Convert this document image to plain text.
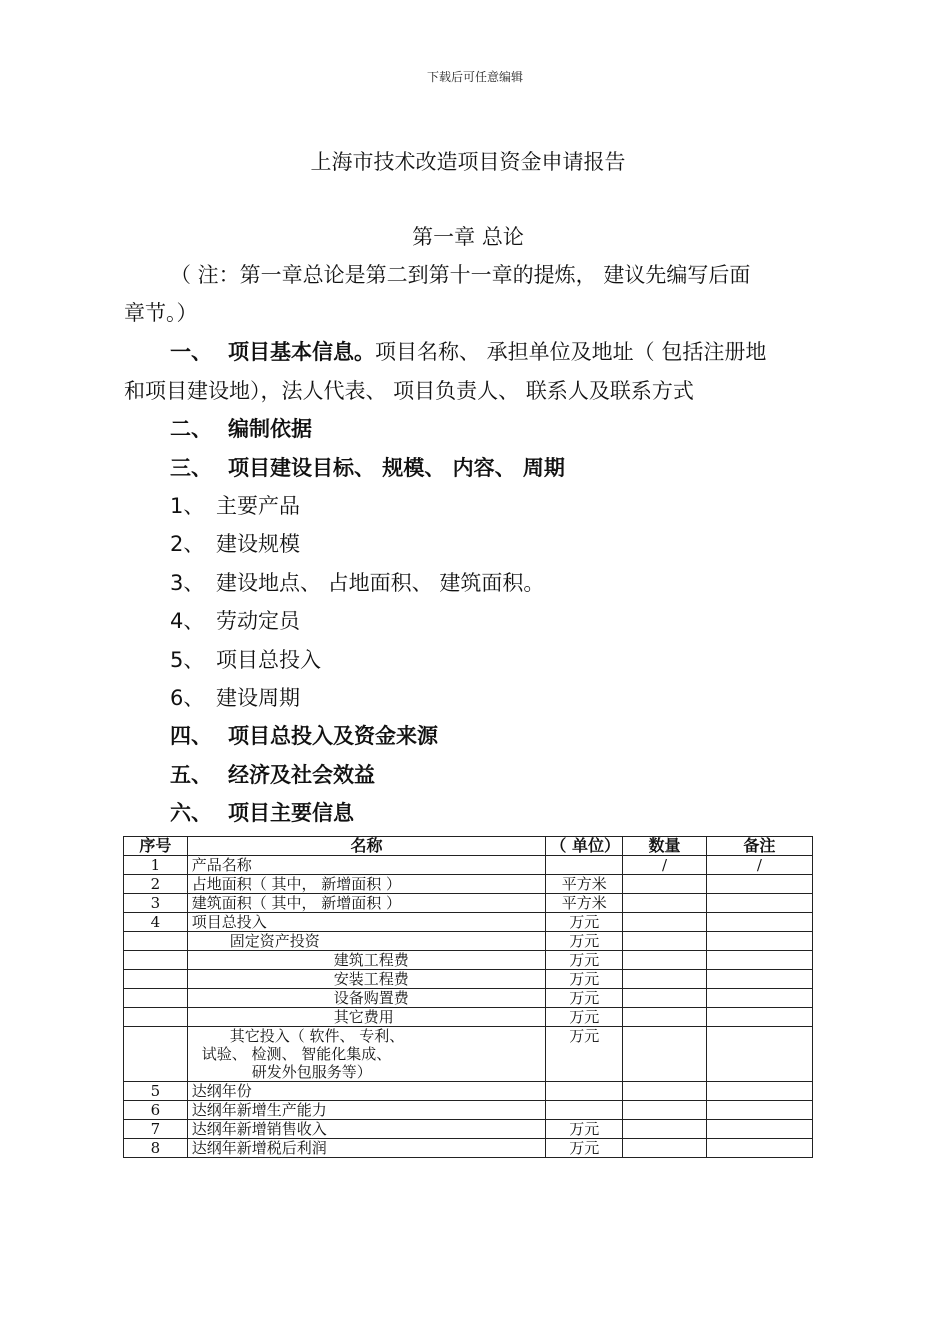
下载后可任意编辑
上海市技术改造项目资金申请报告
第一章 总论
（ 注：第一章总论是第二到第十一章的提炼， 建议先编写后面
章节。）
一、 项目基本信息。项目名称、 承担单位及地址（ 包括注册地
和项目建设地），法人代表、 项目负责人、 联系人及联系方式
二、 编制依据
三、 项目建设目标、 规模、 内容、 周期
1、 主要产品
2、 建设规模
3、 建设地点、 占地面积、 建筑面积。
4、 劳动定员
5、 项目总投入
6、 建设周期
四、 项目总投入及资金来源
五、 经济及社会效益
六、 项目主要信息
序号	名称	（ 单位）	数量	备注
1	产品名称		/	/
2	占地面积（ 其中， 新增面积 ）	平方米		
3	建筑面积（ 其中， 新增面积 ）	平方米		
4	项目总投入	万元		
	固定资产投资	万元		
	建筑工程费	万元		
	安装工程费	万元		
	设备购置费	万元		
	其它费用	万元		

	其它投入（ 软件、 专利、
试验、 检测、 智能化集成、
研发外包服务等）	万元		
5	达纲年份			
6	达纲年新增生产能力			
7	达纲年新增销售收入	万元		
8	达纲年新增税后利润	万元		
